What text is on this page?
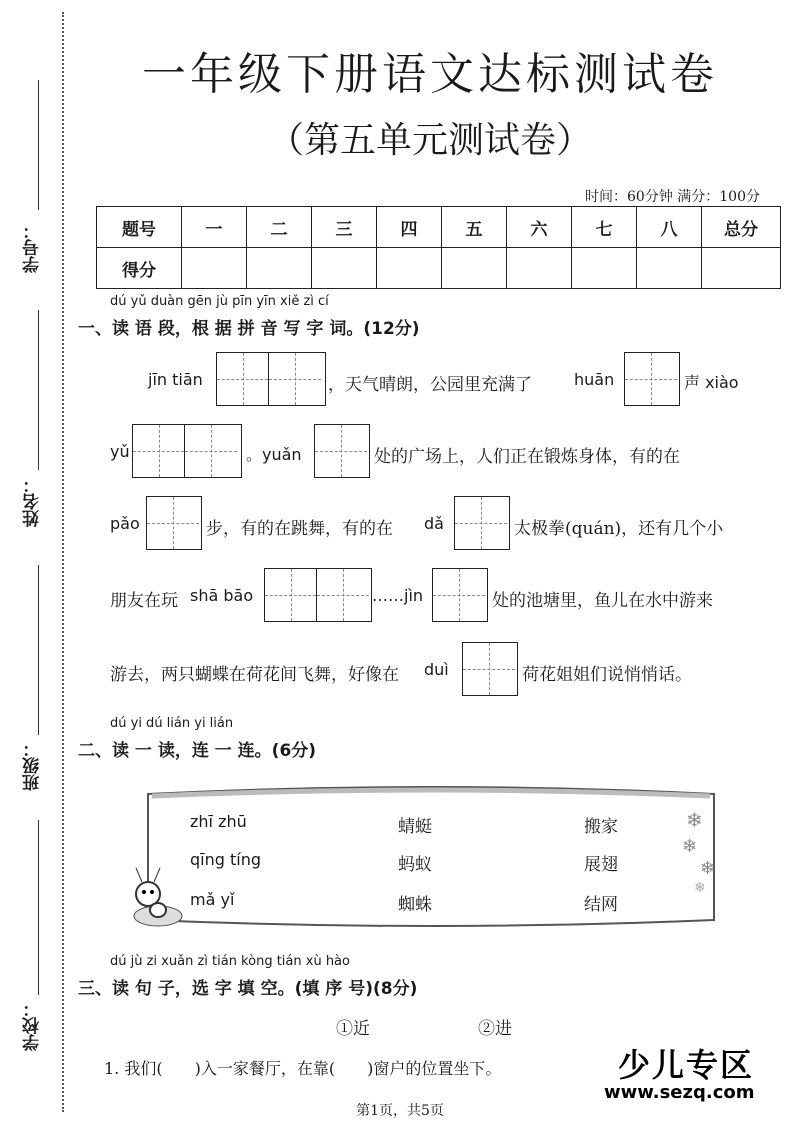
学号：
姓名：
班级：
学校：
一年级下册语文达标测试卷
（第五单元测试卷）
时间：60分钟 满分：100分
题号	一	二	三	四	五	六	七	八	总分
得分									
dú yǔ duàn gēn jù pīn yīn xiě zì cí
一、读 语 段，根 据 拼 音 写 字 词。(12分)
jīn tiān	，天气晴朗，公园里充满了	huān	声 xiào
yǔ	。yuǎn	处的广场上，人们正在锻炼身体，有的在
pǎo	步，有的在跳舞，有的在 dǎ	太极拳(quán)，还有几个小
朋友在玩 shā bāo	……jìn	处的池塘里，鱼儿在水中游来
游去，两只蝴蝶在荷花间飞舞，好像在 duì	荷花姐姐们说悄悄话。
dú yi dú lián yi lián
二、读 一 读，连 一 连。(6分)
❄
❄
❄
❄
zhī zhū
qīng tíng
mǎ yǐ
蜻蜓
蚂蚁
蜘蛛
搬家
展翅
结网
dú jù zi xuǎn zì tián kòng tián xù hào
三、读 句 子，选 字 填 空。(填 序 号)(8分)
①近	②进
1. 我们(　　)入一家餐厅，在靠(　　)窗户的位置坐下。	少儿专区
www.sezq.com
第1页，共5页
